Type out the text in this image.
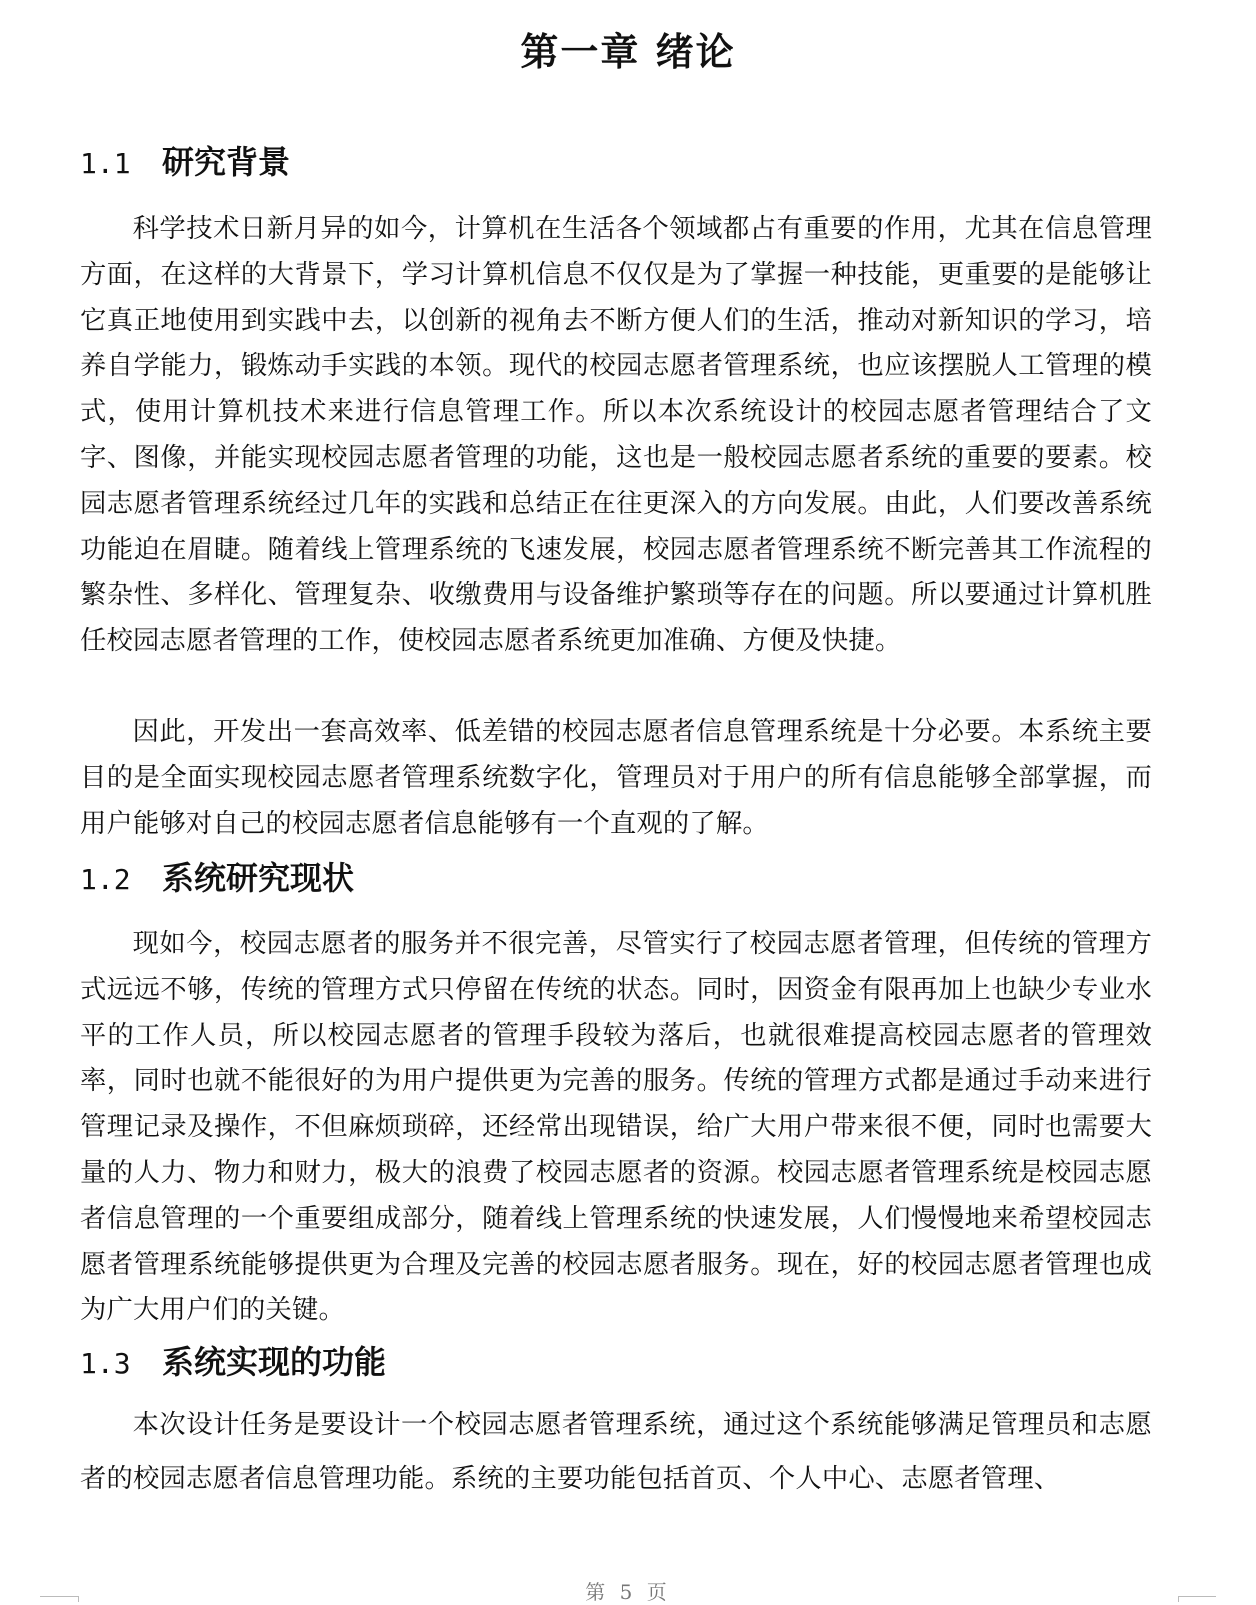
第一章 绪论
1.1 研究背景

科学技术日新月异的如今，计算机在生活各个领域都占有重要的作用，尤其在信息管理方面，在这样的大背景下，学习计算机信息不仅仅是为了掌握一种技能，更重要的是能够让它真正地使用到实践中去，以创新的视角去不断方便人们的生活，推动对新知识的学习，培养自学能力，锻炼动手实践的本领。现代的校园志愿者管理系统，也应该摆脱人工管理的模式，使用计算机技术来进行信息管理工作。所以本次系统设计的校园志愿者管理结合了文字、图像，并能实现校园志愿者管理的功能，这也是一般校园志愿者系统的重要的要素。校园志愿者管理系统经过几年的实践和总结正在往更深入的方向发展。由此，人们要改善系统功能迫在眉睫。随着线上管理系统的飞速发展，校园志愿者管理系统不断完善其工作流程的繁杂性、多样化、管理复杂、收缴费用与设备维护繁琐等存在的问题。所以要通过计算机胜任校园志愿者管理的工作，使校园志愿者系统更加准确、方便及快捷。

因此，开发出一套高效率、低差错的校园志愿者信息管理系统是十分必要。本系统主要目的是全面实现校园志愿者管理系统数字化，管理员对于用户的所有信息能够全部掌握，而用户能够对自己的校园志愿者信息能够有一个直观的了解。

1.2 系统研究现状

现如今，校园志愿者的服务并不很完善，尽管实行了校园志愿者管理，但传统的管理方式远远不够，传统的管理方式只停留在传统的状态。同时，因资金有限再加上也缺少专业水平的工作人员，所以校园志愿者的管理手段较为落后，也就很难提高校园志愿者的管理效率，同时也就不能很好的为用户提供更为完善的服务。传统的管理方式都是通过手动来进行管理记录及操作，不但麻烦琐碎，还经常出现错误，给广大用户带来很不便，同时也需要大量的人力、物力和财力，极大的浪费了校园志愿者的资源。校园志愿者管理系统是校园志愿者信息管理的一个重要组成部分，随着线上管理系统的快速发展，人们慢慢地来希望校园志愿者管理系统能够提供更为合理及完善的校园志愿者服务。现在，好的校园志愿者管理也成为广大用户们的关键。

1.3 系统实现的功能

本次设计任务是要设计一个校园志愿者管理系统，通过这个系统能够满足管理员和志愿者的校园志愿者信息管理功能。系统的主要功能包括首页、个人中心、志愿者管理、

第 5 页
